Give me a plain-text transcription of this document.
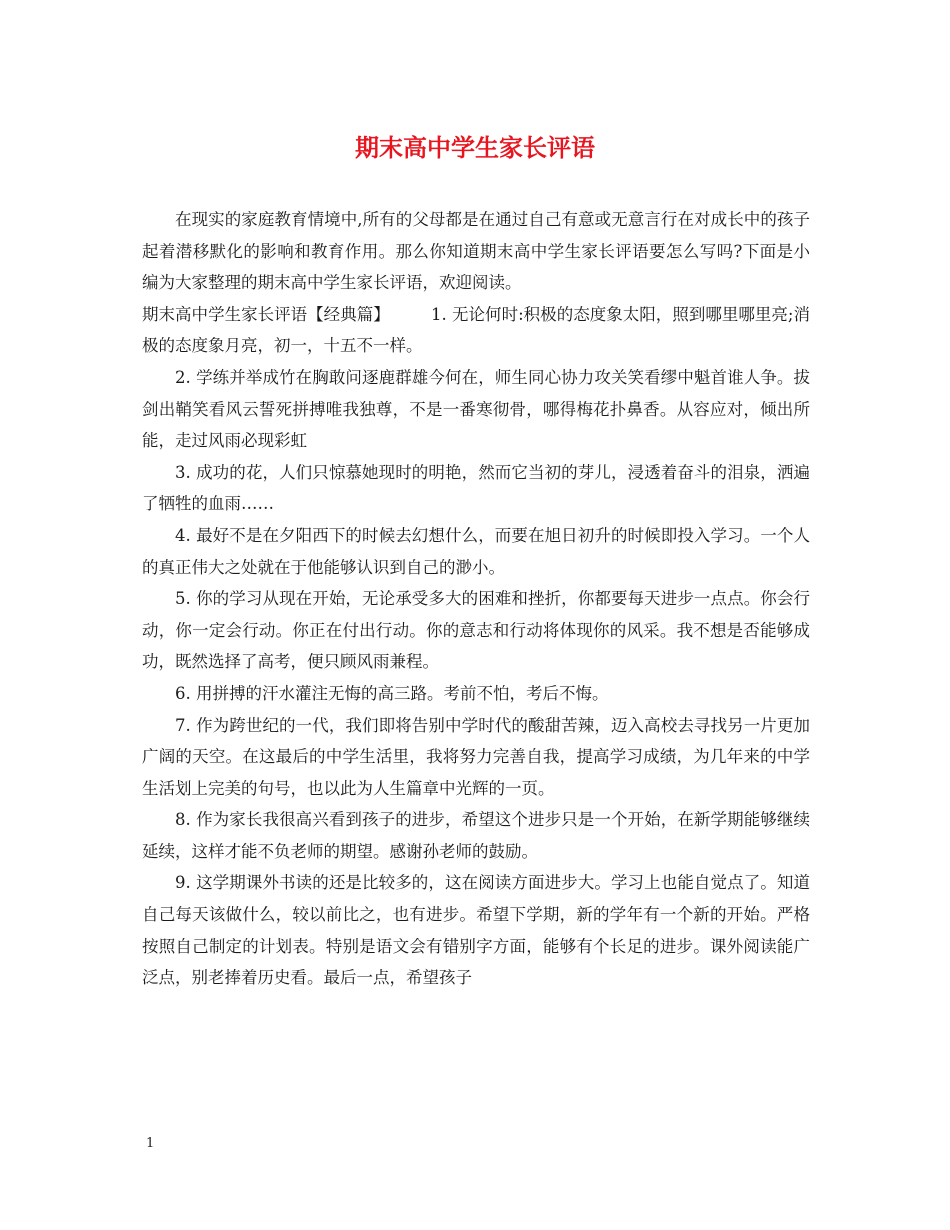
期末高中学生家长评语

在现实的家庭教育情境中,所有的父母都是在通过自己有意或无意言行在对成长中的孩子起着潜移默化的影响和教育作用。那么你知道期末高中学生家长评语要怎么写吗?下面是小编为大家整理的期末高中学生家长评语，欢迎阅读。

期末高中学生家长评语【经典篇】   	1. 无论何时:积极的态度象太阳，照到哪里哪里亮;消极的态度象月亮，初一，十五不一样。

2. 学练并举成竹在胸敢问逐鹿群雄今何在，师生同心协力攻关笑看缪中魁首谁人争。拔剑出鞘笑看风云誓死拼搏唯我独尊，不是一番寒彻骨，哪得梅花扑鼻香。从容应对，倾出所能，走过风雨必现彩虹

3. 成功的花，人们只惊慕她现时的明艳，然而它当初的芽儿，浸透着奋斗的泪泉，洒遍了牺牲的血雨……

4. 最好不是在夕阳西下的时候去幻想什么，而要在旭日初升的时候即投入学习。一个人的真正伟大之处就在于他能够认识到自己的渺小。

5. 你的学习从现在开始，无论承受多大的困难和挫折，你都要每天进步一点点。你会行动，你一定会行动。你正在付出行动。你的意志和行动将体现你的风采。我不想是否能够成功，既然选择了高考，便只顾风雨兼程。

6. 用拼搏的汗水灌注无悔的高三路。考前不怕，考后不悔。

7. 作为跨世纪的一代，我们即将告别中学时代的酸甜苦辣，迈入高校去寻找另一片更加广阔的天空。在这最后的中学生活里，我将努力完善自我，提高学习成绩，为几年来的中学生活划上完美的句号，也以此为人生篇章中光辉的一页。

8. 作为家长我很高兴看到孩子的进步，希望这个进步只是一个开始，在新学期能够继续延续，这样才能不负老师的期望。感谢孙老师的鼓励。

9. 这学期课外书读的还是比较多的，这在阅读方面进步大。学习上也能自觉点了。知道自己每天该做什么，较以前比之，也有进步。希望下学期，新的学年有一个新的开始。严格按照自己制定的计划表。特别是语文会有错别字方面，能够有个长足的进步。课外阅读能广泛点，别老捧着历史看。最后一点，希望孩子

1
